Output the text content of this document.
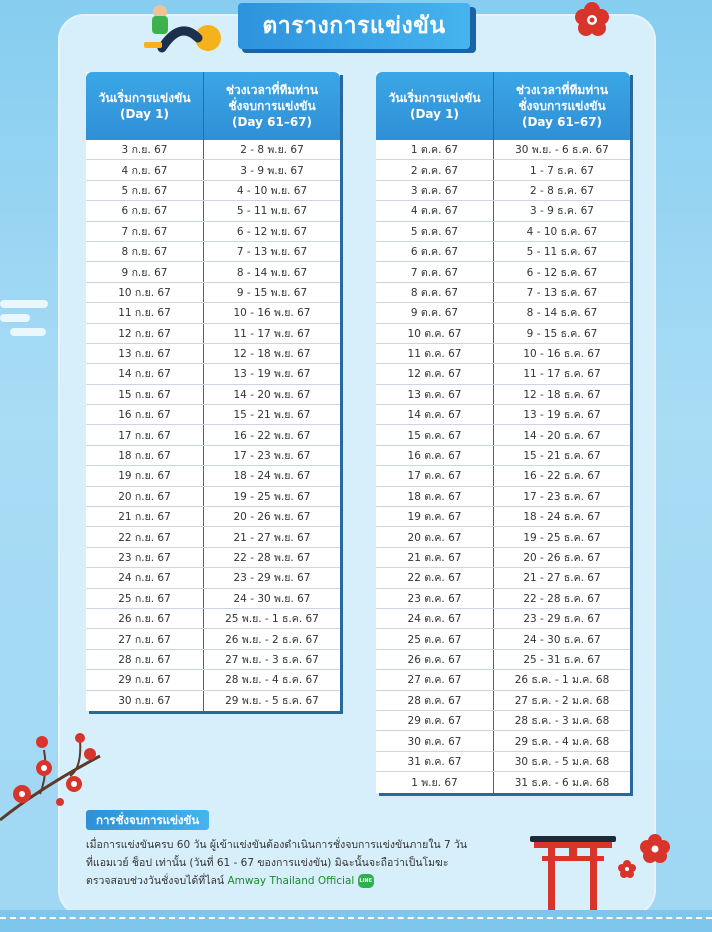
ตารางการแข่งขัน
วันเริ่มการแข่งขัน
(Day 1)
ช่วงเวลาที่ทีมท่าน
ชั่งจบการแข่งขัน
(Day 61–67)
3 ก.ย. 67	2 - 8 พ.ย. 67
4 ก.ย. 67	3 - 9 พ.ย. 67
5 ก.ย. 67	4 - 10 พ.ย. 67
6 ก.ย. 67	5 - 11 พ.ย. 67
7 ก.ย. 67	6 - 12 พ.ย. 67
8 ก.ย. 67	7 - 13 พ.ย. 67
9 ก.ย. 67	8 - 14 พ.ย. 67
10 ก.ย. 67	9 - 15 พ.ย. 67
11 ก.ย. 67	10 - 16 พ.ย. 67
12 ก.ย. 67	11 - 17 พ.ย. 67
13 ก.ย. 67	12 - 18 พ.ย. 67
14 ก.ย. 67	13 - 19 พ.ย. 67
15 ก.ย. 67	14 - 20 พ.ย. 67
16 ก.ย. 67	15 - 21 พ.ย. 67
17 ก.ย. 67	16 - 22 พ.ย. 67
18 ก.ย. 67	17 - 23 พ.ย. 67
19 ก.ย. 67	18 - 24 พ.ย. 67
20 ก.ย. 67	19 - 25 พ.ย. 67
21 ก.ย. 67	20 - 26 พ.ย. 67
22 ก.ย. 67	21 - 27 พ.ย. 67
23 ก.ย. 67	22 - 28 พ.ย. 67
24 ก.ย. 67	23 - 29 พ.ย. 67
25 ก.ย. 67	24 - 30 พ.ย. 67
26 ก.ย. 67	25 พ.ย. - 1 ธ.ค. 67
27 ก.ย. 67	26 พ.ย. - 2 ธ.ค. 67
28 ก.ย. 67	27 พ.ย. - 3 ธ.ค. 67
29 ก.ย. 67	28 พ.ย. - 4 ธ.ค. 67
30 ก.ย. 67	29 พ.ย. - 5 ธ.ค. 67
วันเริ่มการแข่งขัน
(Day 1)
ช่วงเวลาที่ทีมท่าน
ชั่งจบการแข่งขัน
(Day 61–67)
1 ต.ค. 67	30 พ.ย. - 6 ธ.ค. 67
2 ต.ค. 67	1 - 7 ธ.ค. 67
3 ต.ค. 67	2 - 8 ธ.ค. 67
4 ต.ค. 67	3 - 9 ธ.ค. 67
5 ต.ค. 67	4 - 10 ธ.ค. 67
6 ต.ค. 67	5 - 11 ธ.ค. 67
7 ต.ค. 67	6 - 12 ธ.ค. 67
8 ต.ค. 67	7 - 13 ธ.ค. 67
9 ต.ค. 67	8 - 14 ธ.ค. 67
10 ต.ค. 67	9 - 15 ธ.ค. 67
11 ต.ค. 67	10 - 16 ธ.ค. 67
12 ต.ค. 67	11 - 17 ธ.ค. 67
13 ต.ค. 67	12 - 18 ธ.ค. 67
14 ต.ค. 67	13 - 19 ธ.ค. 67
15 ต.ค. 67	14 - 20 ธ.ค. 67
16 ต.ค. 67	15 - 21 ธ.ค. 67
17 ต.ค. 67	16 - 22 ธ.ค. 67
18 ต.ค. 67	17 - 23 ธ.ค. 67
19 ต.ค. 67	18 - 24 ธ.ค. 67
20 ต.ค. 67	19 - 25 ธ.ค. 67
21 ต.ค. 67	20 - 26 ธ.ค. 67
22 ต.ค. 67	21 - 27 ธ.ค. 67
23 ต.ค. 67	22 - 28 ธ.ค. 67
24 ต.ค. 67	23 - 29 ธ.ค. 67
25 ต.ค. 67	24 - 30 ธ.ค. 67
26 ต.ค. 67	25 - 31 ธ.ค. 67
27 ต.ค. 67	26 ธ.ค. - 1 ม.ค. 68
28 ต.ค. 67	27 ธ.ค. - 2 ม.ค. 68
29 ต.ค. 67	28 ธ.ค. - 3 ม.ค. 68
30 ต.ค. 67	29 ธ.ค. - 4 ม.ค. 68
31 ต.ค. 67	30 ธ.ค. - 5 ม.ค. 68
1 พ.ย. 67	31 ธ.ค. - 6 ม.ค. 68
การชั่งจบการแข่งขัน
เมื่อการแข่งขันครบ 60 วัน ผู้เข้าแข่งขันต้องดำเนินการชั่งจบการแข่งขันภายใน 7 วัน
ที่แอมเวย์ ช็อป เท่านั้น (วันที่ 61 - 67 ของการแข่งขัน) มิฉะนั้นจะถือว่าเป็นโมฆะ
ตรวจสอบช่วงวันชั่งจบได้ที่ไลน์ Amway Thailand Official LINE
